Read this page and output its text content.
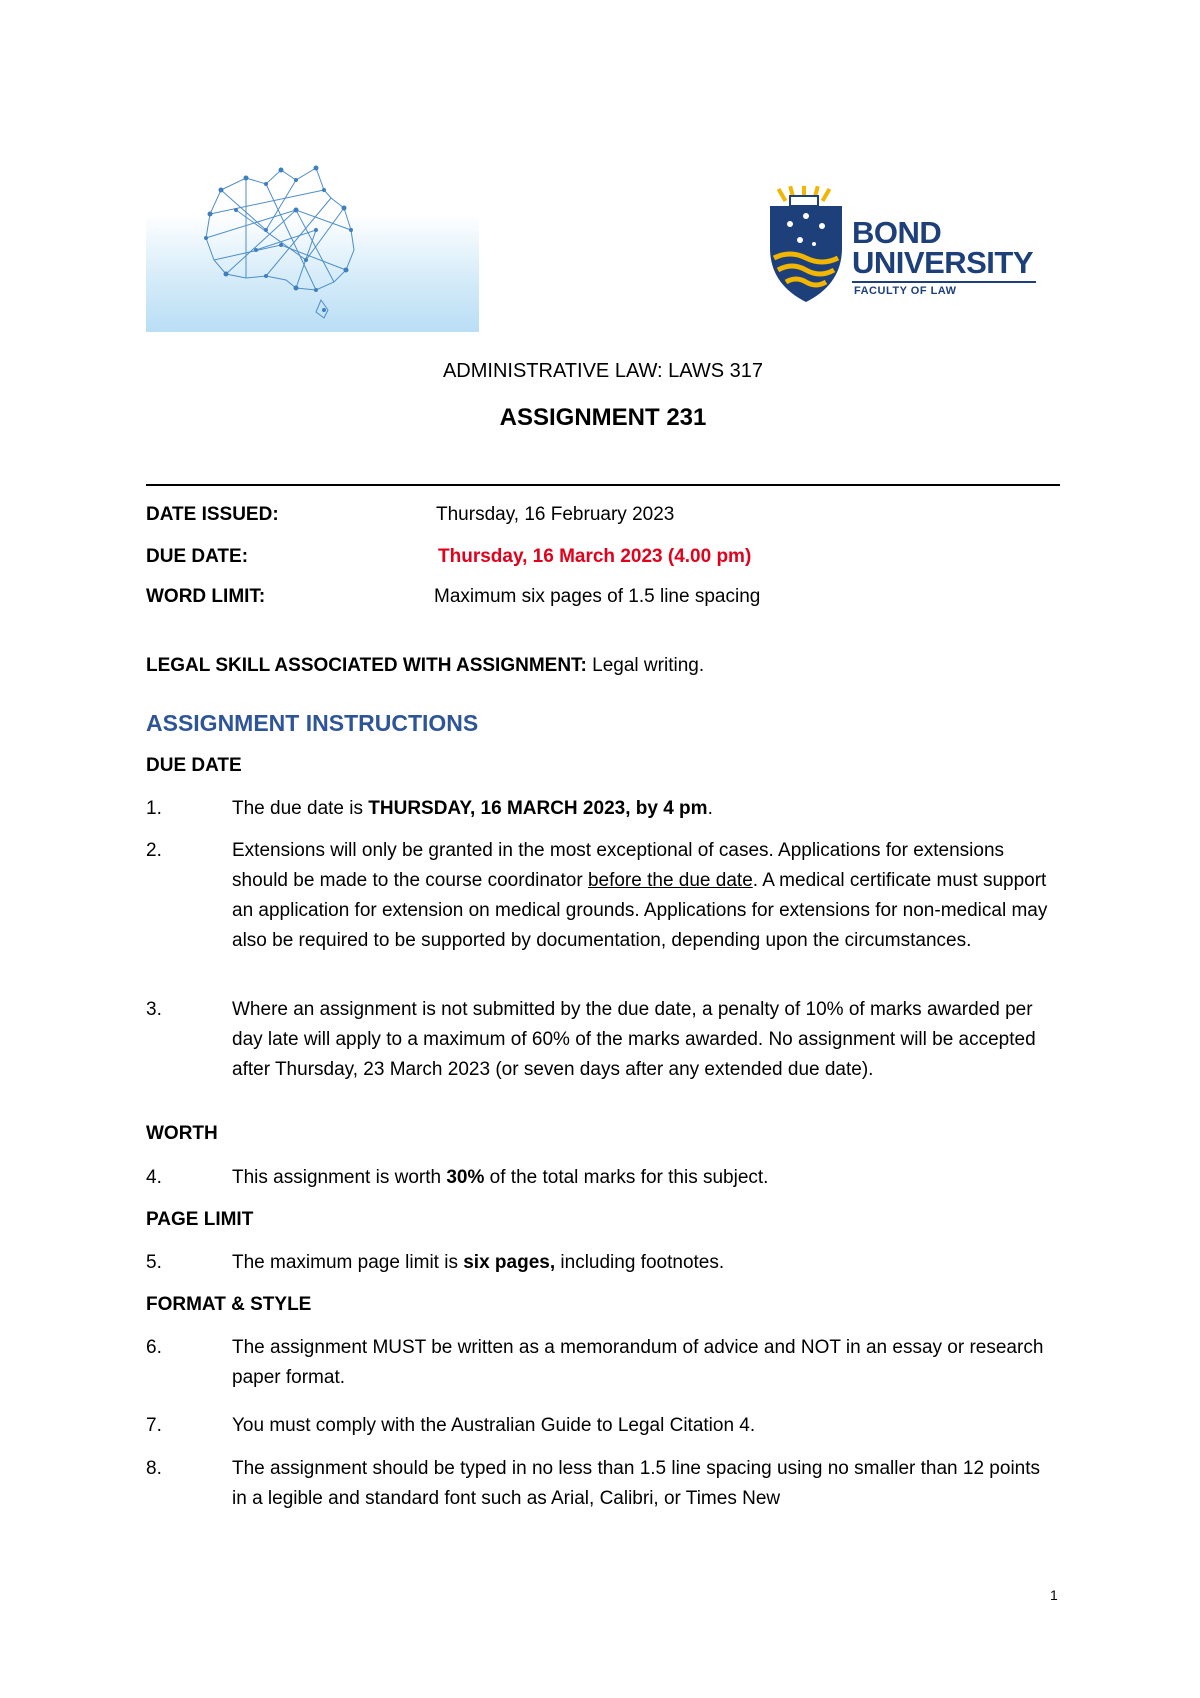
BOND
UNIVERSITY
FACULTY OF LAW
ADMINISTRATIVE LAW: LAWS 317
ASSIGNMENT 231
DATE ISSUED:	Thursday, 16 February 2023
DUE DATE:	Thursday, 16 March 2023 (4.00 pm)
WORD LIMIT:	Maximum six pages of 1.5 line spacing
LEGAL SKILL ASSOCIATED WITH ASSIGNMENT: Legal writing.
ASSIGNMENT INSTRUCTIONS
DUE DATE
1.	The due date is THURSDAY, 16 MARCH 2023, by 4 pm.
2.	Extensions will only be granted in the most exceptional of cases. Applications for extensions should be made to the course coordinator before the due date. A medical certificate must support an application for extension on medical grounds. Applications for extensions for non-medical may also be required to be supported by documentation, depending upon the circumstances.
3.	Where an assignment is not submitted by the due date, a penalty of 10% of marks awarded per day late will apply to a maximum of 60% of the marks awarded. No assignment will be accepted after Thursday, 23 March 2023 (or seven days after any extended due date).
WORTH
4.	This assignment is worth 30% of the total marks for this subject.
PAGE LIMIT
5.	The maximum page limit is six pages, including footnotes.
FORMAT & STYLE
6.	The assignment MUST be written as a memorandum of advice and NOT in an essay or research paper format.
7.	You must comply with the Australian Guide to Legal Citation 4.
8.	The assignment should be typed in no less than 1.5 line spacing using no smaller than 12 points in a legible and standard font such as Arial, Calibri, or Times New
1
